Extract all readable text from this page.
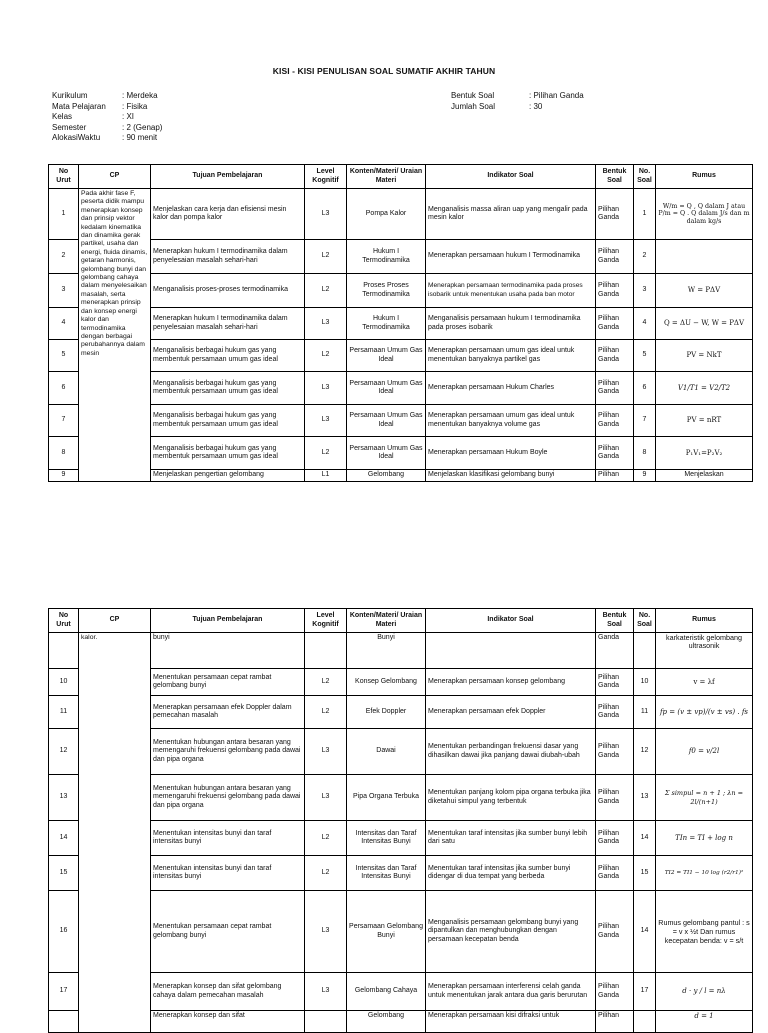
KISI - KISI PENULISAN SOAL SUMATIF AKHIR TAHUN
Kurikulum	: Merdeka
Mata Pelajaran	: Fisika
Kelas	: XI
Semester	: 2 (Genap)
AlokasiWaktu	: 90 menit
Bentuk Soal	: Pilihan Ganda
Jumlah Soal	: 30
No Urut	CP	Tujuan Pembelajaran	Level Kognitif	Konten/Materi/ Uraian Materi	Indikator Soal	Bentuk Soal	No. Soal	Rumus
1	Pada akhir fase F, peserta didik mampu menerapkan konsep dan prinsip vektor kedalam kinematika dan dinamika gerak partikel, usaha dan energi, fluida dinamis, getaran harmonis, gelombang bunyi dan gelombang cahaya dalam menyelesaikan masalah, serta menerapkan prinsip dan konsep energi kalor dan termodinamika dengan berbagai perubahannya dalam mesin	Menjelaskan cara kerja dan efisiensi mesin kalor dan pompa kalor	L3	Pompa Kalor	Menganalisis massa aliran uap yang mengalir pada mesin kalor	Pilihan Ganda	1	W/m = Q , Q dalam J atau P/m = Q . Q dalam J/s dan m dalam kg/s
2		Menerapkan hukum I termodinamika dalam penyelesaian masalah sehari-hari	L2	Hukum I Termodinamika	Menerapkan persamaan hukum I Termodinamika	Pilihan Ganda	2	
3		Menganalisis proses-proses termodinamika	L2	Proses Proses Termodinamika	Menerapkan persamaan termodinamika pada proses isobarik untuk menentukan usaha pada ban motor	Pilihan Ganda	3	W = PΔV
4		Menerapkan hukum I termodinamika dalam penyelesaian masalah sehari-hari	L3	Hukum I Termodinamika	Menganalisis persamaan hukum I termodinamika pada proses isobarik	Pilihan Ganda	4	Q = ΔU − W, W = PΔV
5		Menganalisis berbagai hukum gas yang membentuk persamaan umum gas ideal	L2	Persamaan Umum Gas Ideal	Menerapkan persamaan umum gas ideal untuk menentukan banyaknya partikel gas	Pilihan Ganda	5	PV = NkT
6		Menganalisis berbagai hukum gas yang membentuk persamaan umum gas ideal	L3	Persamaan Umum Gas Ideal	Menerapkan persamaan Hukum Charles	Pilihan Ganda	6	V1/T1 = V2/T2
7		Menganalisis berbagai hukum gas yang membentuk persamaan umum gas ideal	L3	Persamaan Umum Gas Ideal	Menerapkan persamaan umum gas ideal untuk menentukan banyaknya volume gas	Pilihan Ganda	7	PV = nRT
8		Menganalisis berbagai hukum gas yang membentuk persamaan umum gas ideal	L2	Persamaan Umum Gas Ideal	Menerapkan persamaan Hukum Boyle	Pilihan Ganda	8	P₁V₁=P₂V₂
9		Menjelaskan pengertian gelombang	L1	Gelombang	Menjelaskan klasifikasi gelombang bunyi	Pilihan	9	Menjelaskan
No Urut	CP	Tujuan Pembelajaran	Level Kognitif	Konten/Materi/ Uraian Materi	Indikator Soal	Bentuk Soal	No. Soal	Rumus
	kalor.	bunyi		Bunyi		Ganda		karkateristik gelombang ultrasonik
10		Menentukan persamaan cepat rambat gelombang bunyi	L2	Konsep Gelombang	Menerapkan persamaan konsep gelombang	Pilihan Ganda	10	v = λf
11		Menerapkan persamaan efek Doppler dalam pemecahan masalah	L2	Efek Doppler	Menerapkan persamaan efek Doppler	Pilihan Ganda	11	fp = (v ± vp)/(v ± vs) . fs
12		Menentukan hubungan antara besaran yang memengaruhi frekuensi gelombang pada dawai dan pipa organa	L3	Dawai	Menentukan perbandingan frekuensi dasar yang dihasilkan dawai jika panjang dawai diubah-ubah	Pilihan Ganda	12	f0 = v/2l
13		Menentukan hubungan antara besaran yang memengaruhi frekuensi gelombang pada dawai dan pipa organa	L3	Pipa Organa Terbuka	Menentukan panjang kolom pipa organa terbuka jika diketahui simpul yang terbentuk	Pilihan Ganda	13	Σ simpul = n + 1 ; λn = 2l/(n+1)
14		Menentukan intensitas bunyi dan taraf intensitas bunyi	L2	Intensitas dan Taraf Intensitas Bunyi	Menentukan taraf intensitas jika sumber bunyi lebih dari satu	Pilihan Ganda	14	TIn = TI + log n
15		Menentukan intensitas bunyi dan taraf intensitas bunyi	L2	Intensitas dan Taraf Intensitas Bunyi	Menentukan taraf intensitas jika sumber bunyi didengar di dua tempat yang berbeda	Pilihan Ganda	15	TI2 = TI1 − 10 log (r2/r1)²
16		Menentukan persamaan cepat rambat gelombang bunyi	L3	Persamaan Gelombang Bunyi	Menganalisis persamaan gelombang bunyi yang dipantulkan dan menghubungkan dengan persamaan kecepatan benda	Pilihan Ganda	14	Rumus gelombang pantul : s = v x ½t Dan rumus kecepatan benda: v = s/t
17		Menerapkan konsep dan sifat gelombang cahaya dalam pemecahan masalah	L3	Gelombang Cahaya	Menerapkan persamaan interferensi celah ganda untuk menentukan jarak antara dua garis berurutan	Pilihan Ganda	17	d · y / l = nλ
		Menerapkan konsep dan sifat		Gelombang	Menerapkan persamaan kisi difraksi untuk	Pilihan		d = 1
